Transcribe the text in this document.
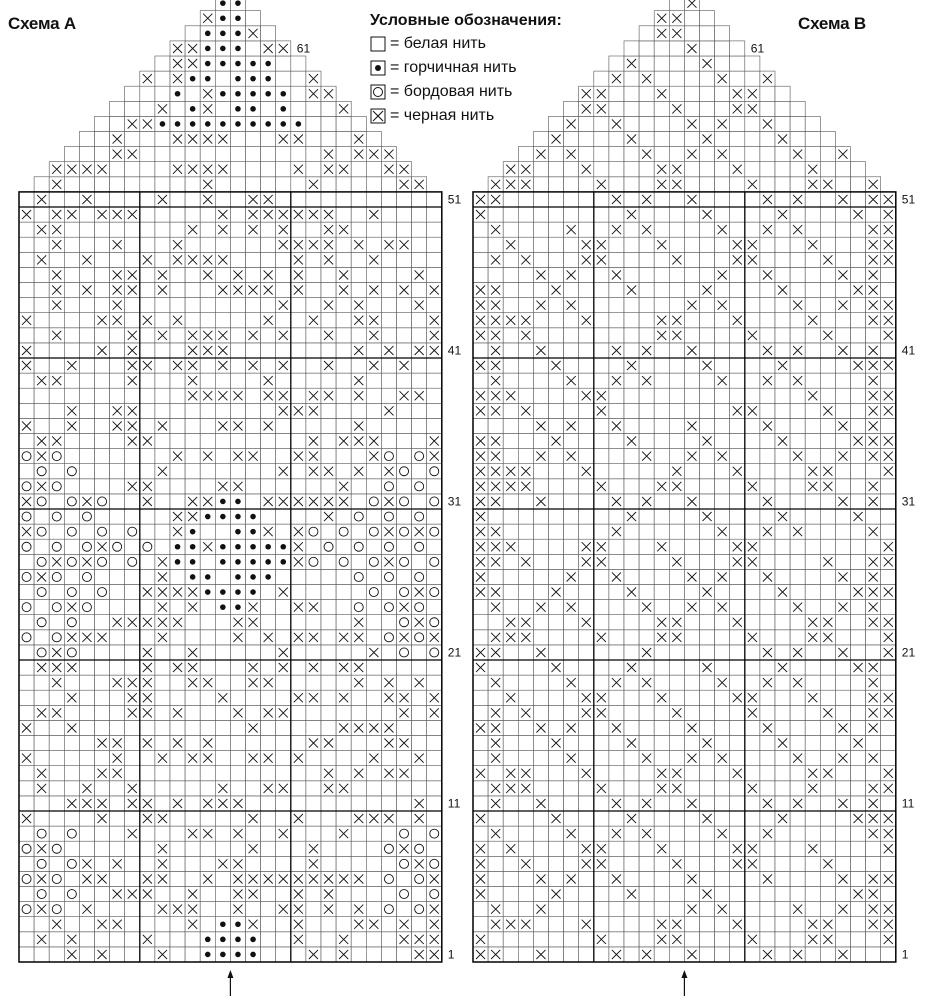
Схема А	Схема В
Условные обозначения:
= белая нить
= горчичная нить
= бордовая нить
= черная нить
1
11
21
31
41
51
61
1
11
21
31
41
51
61
